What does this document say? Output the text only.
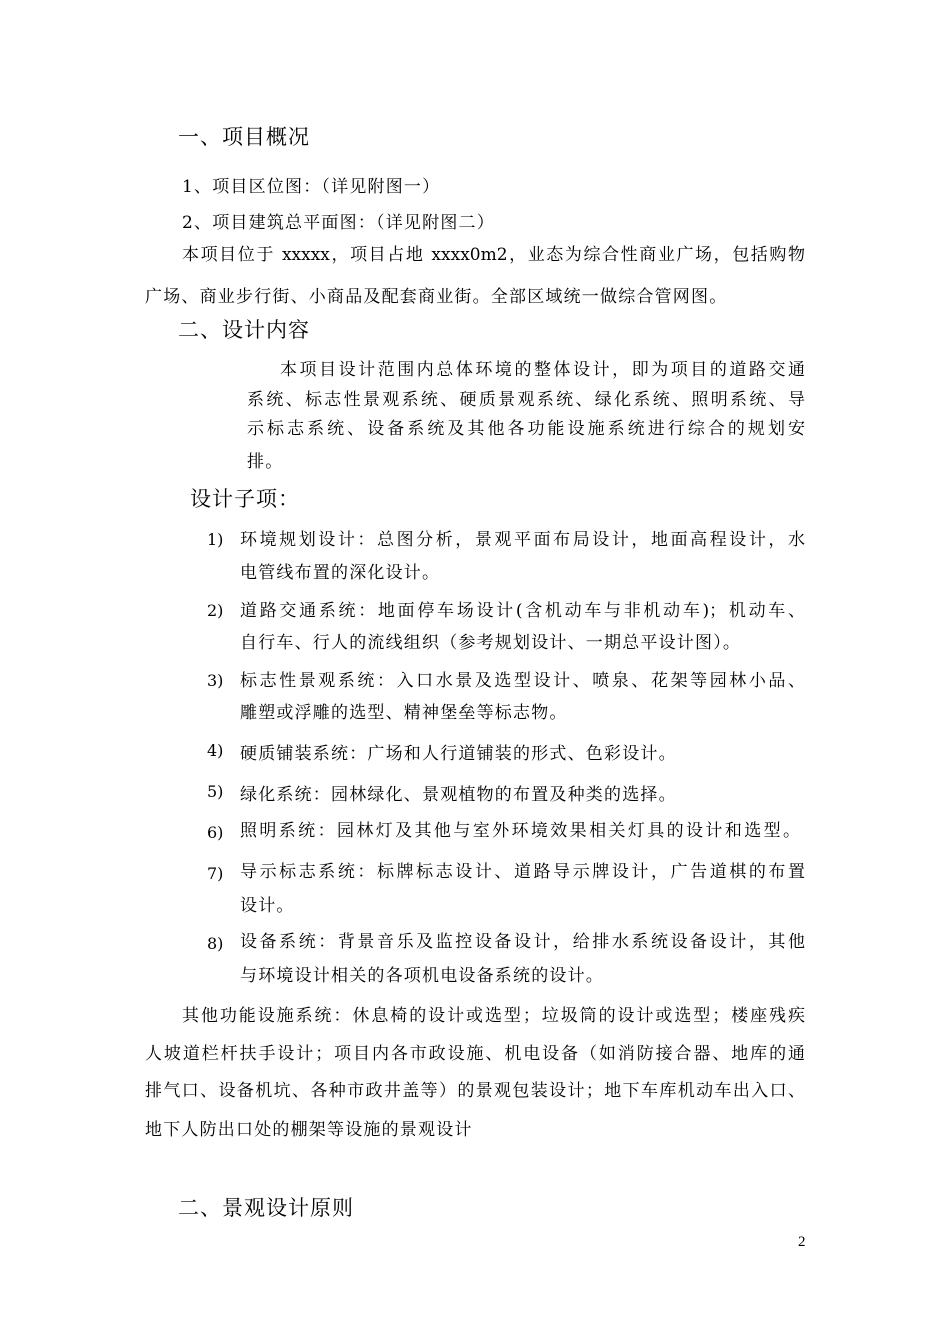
一、项目概况
1、项目区位图：（详见附图一）
2、项目建筑总平面图：（详见附图二）
本项目位于 xxxxx，项目占地 xxxx0m2，业态为综合性商业广场，包括购物
广场、商业步行街、小商品及配套商业街。全部区域统一做综合管网图。
二、设计内容
本项目设计范围内总体环境的整体设计，即为项目的道路交通
系统、标志性景观系统、硬质景观系统、绿化系统、照明系统、导
示标志系统、设备系统及其他各功能设施系统进行综合的规划安
排。
设计子项：
1) 环境规划设计：总图分析，景观平面布局设计，地面高程设计，水
电管线布置的深化设计。
2) 道路交通系统：地面停车场设计(含机动车与非机动车)；机动车、
自行车、行人的流线组织（参考规划设计、一期总平设计图）。
3) 标志性景观系统：入口水景及选型设计、喷泉、花架等园林小品、
雕塑或浮雕的选型、精神堡垒等标志物。
4) 硬质铺装系统：广场和人行道铺装的形式、色彩设计。
5) 绿化系统：园林绿化、景观植物的布置及种类的选择。
6) 照明系统：园林灯及其他与室外环境效果相关灯具的设计和选型。
7) 导示标志系统：标牌标志设计、道路导示牌设计，广告道棋的布置
设计。
8) 设备系统：背景音乐及监控设备设计，给排水系统设备设计，其他
与环境设计相关的各项机电设备系统的设计。
其他功能设施系统：休息椅的设计或选型；垃圾筒的设计或选型；楼座残疾
人坡道栏杆扶手设计；项目内各市政设施、机电设备（如消防接合器、地库的通
排气口、设备机坑、各种市政井盖等）的景观包装设计；地下车库机动车出入口、
地下人防出口处的棚架等设施的景观设计
二、景观设计原则
2
